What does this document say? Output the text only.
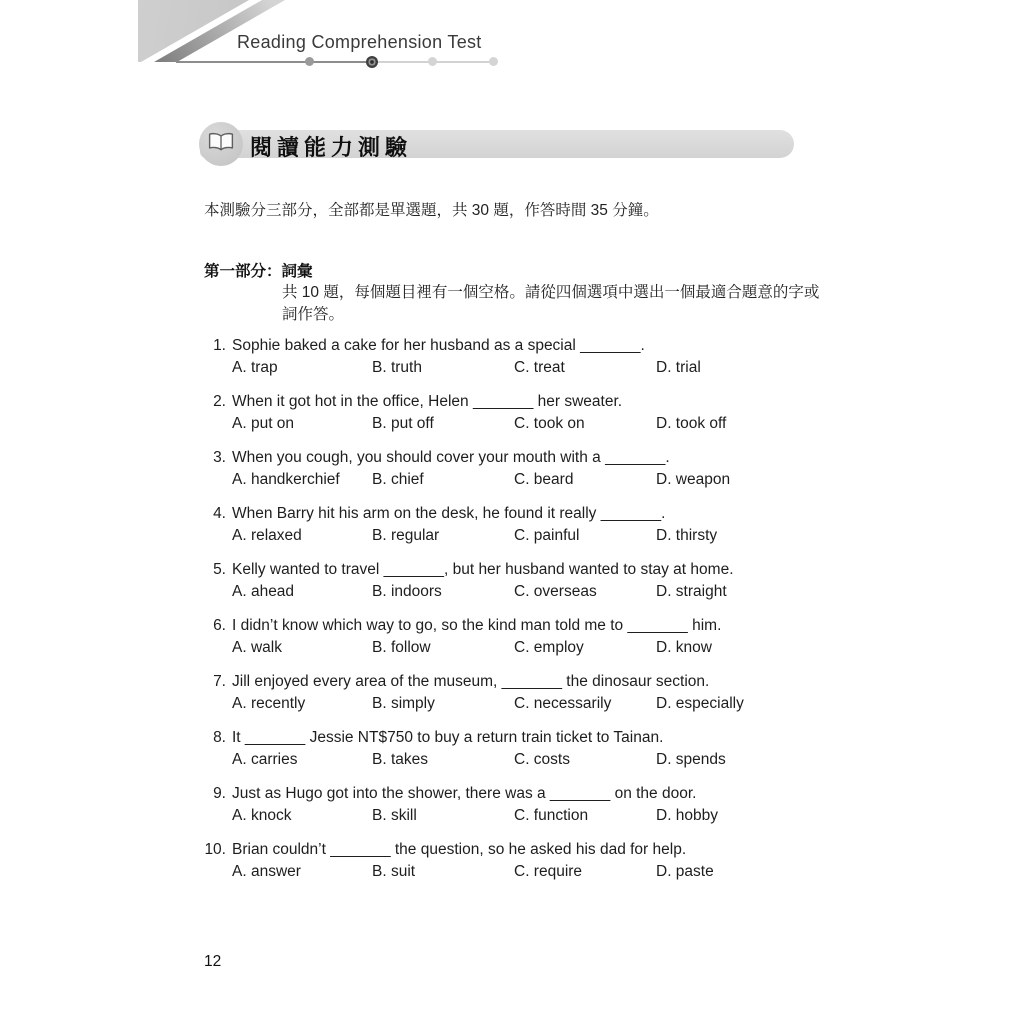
Reading Comprehension Test
閱讀能力測驗
本測驗分三部分，全部都是單選題，共 30 題，作答時間 35 分鐘。
第一部分：詞彙
共 10 題，每個題目裡有一個空格。請從四個選項中選出一個最適合題意的字或
詞作答。
1. Sophie baked a cake for her husband as a special _______.
A. trap	B. truth	C. treat	D. trial
2. When it got hot in the office, Helen _______ her sweater.
A. put on	B. put off	C. took on	D. took off
3. When you cough, you should cover your mouth with a _______.
A. handkerchief B. chief	C. beard	D. weapon
4. When Barry hit his arm on the desk, he found it really _______.
A. relaxed	B. regular	C. painful	D. thirsty
5. Kelly wanted to travel _______, but her husband wanted to stay at home.
A. ahead	B. indoors	C. overseas	D. straight
6. I didn’t know which way to go, so the kind man told me to _______ him.
A. walk	B. follow	C. employ	D. know
7. Jill enjoyed every area of the museum, _______ the dinosaur section.
A. recently	B. simply	C. necessarily	D. especially
8. It _______ Jessie NT$750 to buy a return train ticket to Tainan.
A. carries	B. takes	C. costs	D. spends
9. Just as Hugo got into the shower, there was a _______ on the door.
A. knock	B. skill	C. function	D. hobby
10. Brian couldn’t _______ the question, so he asked his dad for help.
A. answer	B. suit	C. require	D. paste
12
